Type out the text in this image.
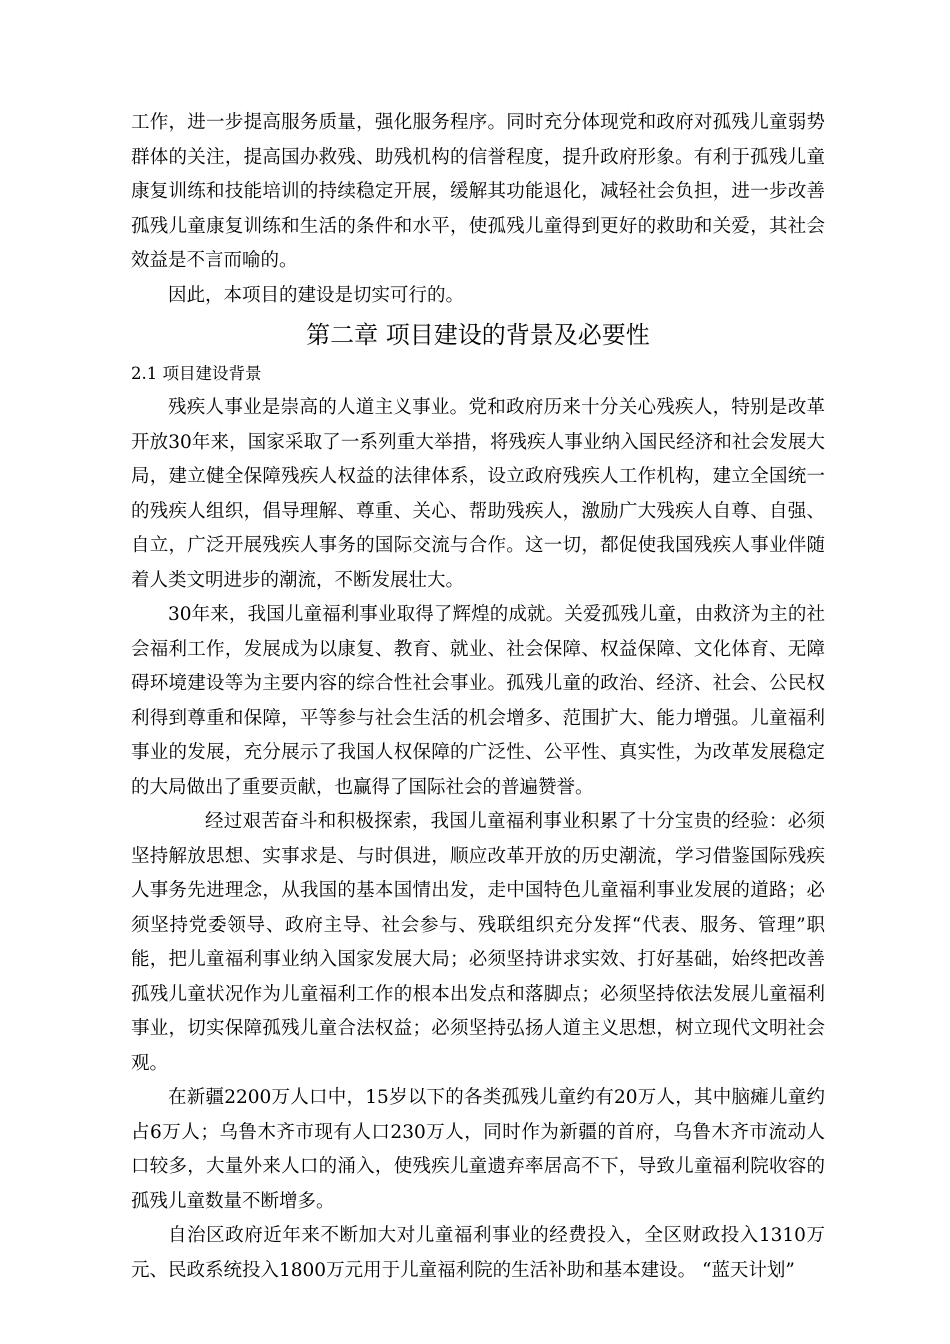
工作，进一步提高服务质量，强化服务程序。同时充分体现党和政府对孤残儿童弱势群体的关注，提高国办救残、助残机构的信誉程度，提升政府形象。有利于孤残儿童康复训练和技能培训的持续稳定开展，缓解其功能退化，减轻社会负担，进一步改善孤残儿童康复训练和生活的条件和水平，使孤残儿童得到更好的救助和关爱，其社会效益是不言而喻的。

因此，本项目的建设是切实可行的。

第二章 项目建设的背景及必要性
2.1 项目建设背景

残疾人事业是崇高的人道主义事业。党和政府历来十分关心残疾人，特别是改革开放30年来，国家采取了一系列重大举措，将残疾人事业纳入国民经济和社会发展大局，建立健全保障残疾人权益的法律体系，设立政府残疾人工作机构，建立全国统一的残疾人组织，倡导理解、尊重、关心、帮助残疾人，激励广大残疾人自尊、自强、自立，广泛开展残疾人事务的国际交流与合作。这一切，都促使我国残疾人事业伴随着人类文明进步的潮流，不断发展壮大。

30年来，我国儿童福利事业取得了辉煌的成就。关爱孤残儿童，由救济为主的社会福利工作，发展成为以康复、教育、就业、社会保障、权益保障、文化体育、无障碍环境建设等为主要内容的综合性社会事业。孤残儿童的政治、经济、社会、公民权利得到尊重和保障，平等参与社会生活的机会增多、范围扩大、能力增强。儿童福利事业的发展，充分展示了我国人权保障的广泛性、公平性、真实性，为改革发展稳定的大局做出了重要贡献，也赢得了国际社会的普遍赞誉。

经过艰苦奋斗和积极探索，我国儿童福利事业积累了十分宝贵的经验：必须坚持解放思想、实事求是、与时俱进，顺应改革开放的历史潮流，学习借鉴国际残疾人事务先进理念，从我国的基本国情出发，走中国特色儿童福利事业发展的道路；必须坚持党委领导、政府主导、社会参与、残联组织充分发挥“代表、服务、管理”职能，把儿童福利事业纳入国家发展大局；必须坚持讲求实效、打好基础，始终把改善孤残儿童状况作为儿童福利工作的根本出发点和落脚点；必须坚持依法发展儿童福利事业，切实保障孤残儿童合法权益；必须坚持弘扬人道主义思想，树立现代文明社会观。

在新疆2200万人口中，15岁以下的各类孤残儿童约有20万人，其中脑瘫儿童约占6万人；乌鲁木齐市现有人口230万人，同时作为新疆的首府，乌鲁木齐市流动人口较多，大量外来人口的涌入，使残疾儿童遗弃率居高不下，导致儿童福利院收容的孤残儿童数量不断增多。

自治区政府近年来不断加大对儿童福利事业的经费投入，全区财政投入1310万元、民政系统投入1800万元用于儿童福利院的生活补助和基本建设。 “蓝天计划”
